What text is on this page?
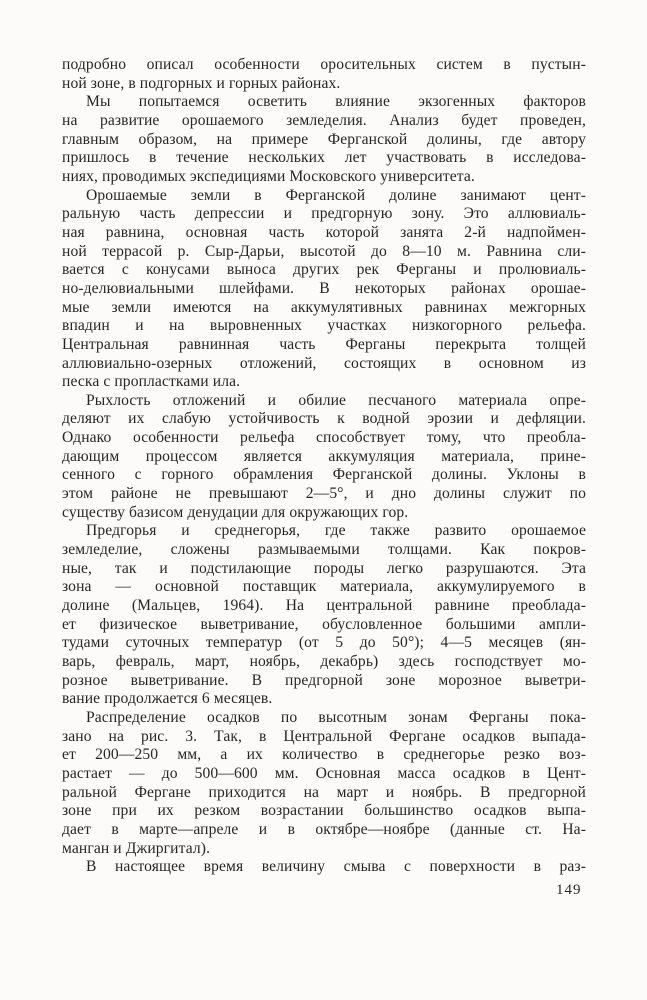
подробно описал особенности оросительных систем в пустын-
ной зоне, в подгорных и горных районах.
Мы попытаемся осветить влияние экзогенных факторов
на развитие орошаемого земледелия. Анализ будет проведен,
главным образом, на примере Ферганской долины, где автору
пришлось в течение нескольких лет участвовать в исследова-
ниях, проводимых экспедициями Московского университета.
Орошаемые земли в Ферганской долине занимают цент-
ральную часть депрессии и предгорную зону. Это аллювиаль-
ная равнина, основная часть которой занята 2-й надпоймен-
ной террасой р. Сыр-Дарьи, высотой до 8—10 м. Равнина сли-
вается с конусами выноса других рек Ферганы и пролювиаль-
но-делювиальными шлейфами. В некоторых районах орошае-
мые земли имеются на аккумулятивных равнинах межгорных
впадин и на выровненных участках низкогорного рельефа.
Центральная равнинная часть Ферганы перекрыта толщей
аллювиально-озерных отложений, состоящих в основном из
песка с пропластками ила.
Рыхлость отложений и обилие песчаного материала опре-
деляют их слабую устойчивость к водной эрозии и дефляции.
Однако особенности рельефа способствует тому, что преобла-
дающим процессом является аккумуляция материала, прине-
сенного с горного обрамления Ферганской долины. Уклоны в
этом районе не превышают 2—5°, и дно долины служит по
существу базисом денудации для окружающих гор.
Предгорья и среднегорья, где также развито орошаемое
земледелие, сложены размываемыми толщами. Как покров-
ные, так и подстилающие породы легко разрушаются. Эта
зона — основной поставщик материала, аккумулируемого в
долине (Мальцев, 1964). На центральной равнине преоблада-
ет физическое выветривание, обусловленное большими ампли-
тудами суточных температур (от 5 до 50°); 4—5 месяцев (ян-
варь, февраль, март, ноябрь, декабрь) здесь господствует мо-
розное выветривание. В предгорной зоне морозное выветри-
вание продолжается 6 месяцев.
Распределение осадков по высотным зонам Ферганы пока-
зано на рис. 3. Так, в Центральной Фергане осадков выпада-
ет 200—250 мм, а их количество в среднегорье резко воз-
растает — до 500—600 мм. Основная масса осадков в Цент-
ральной Фергане приходится на март и ноябрь. В предгорной
зоне при их резком возрастании большинство осадков выпа-
дает в марте—апреле и в октябре—ноябре (данные ст. На-
манган и Джиргитал).
В настоящее время величину смыва с поверхности в раз-
149
